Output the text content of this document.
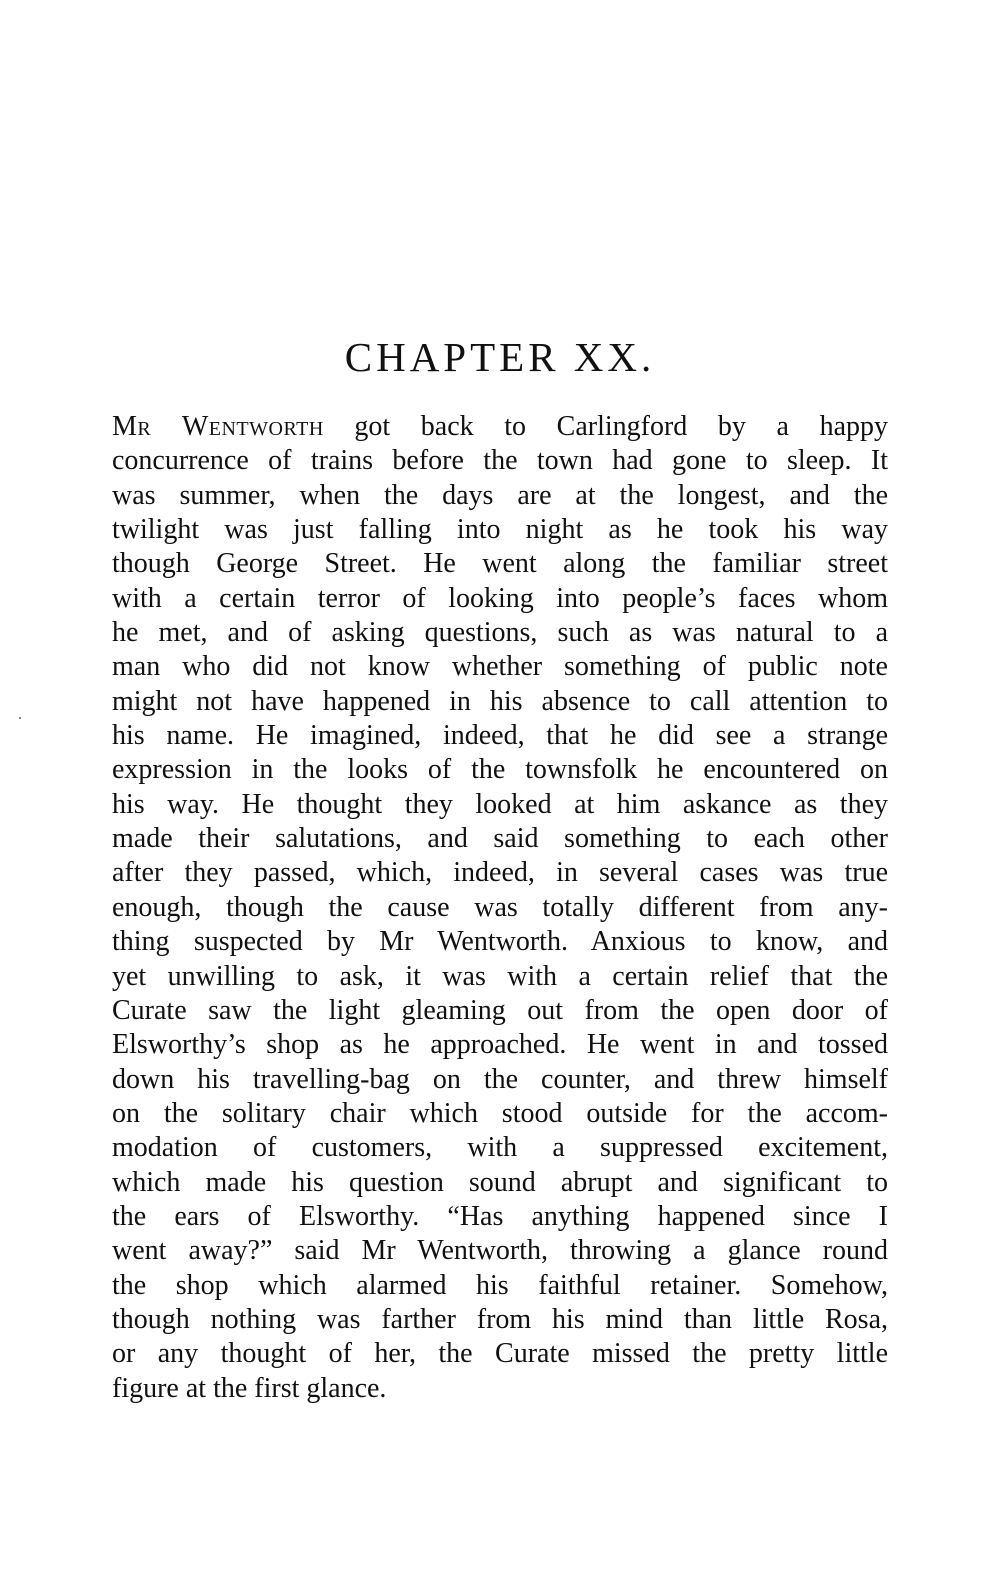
CHAPTER XX.
Mr Wentworth got back to Carlingford by a happy
concurrence of trains before the town had gone to sleep. It
was summer, when the days are at the longest, and the
twilight was just falling into night as he took his way
though George Street. He went along the familiar street
with a certain terror of looking into people’s faces whom
he met, and of asking questions, such as was natural to a
man who did not know whether something of public note
might not have happened in his absence to call attention to
his name. He imagined, indeed, that he did see a strange
expression in the looks of the townsfolk he encountered on
his way. He thought they looked at him askance as they
made their salutations, and said something to each other
after they passed, which, indeed, in several cases was true
enough, though the cause was totally different from any-
thing suspected by Mr Wentworth. Anxious to know, and
yet unwilling to ask, it was with a certain relief that the
Curate saw the light gleaming out from the open door of
Elsworthy’s shop as he approached. He went in and tossed
down his travelling-bag on the counter, and threw himself
on the solitary chair which stood outside for the accom-
modation of customers, with a suppressed excitement,
which made his question sound abrupt and significant to
the ears of Elsworthy. “Has anything happened since I
went away?” said Mr Wentworth, throwing a glance round
the shop which alarmed his faithful retainer. Somehow,
though nothing was farther from his mind than little Rosa,
or any thought of her, the Curate missed the pretty little
figure at the first glance.
